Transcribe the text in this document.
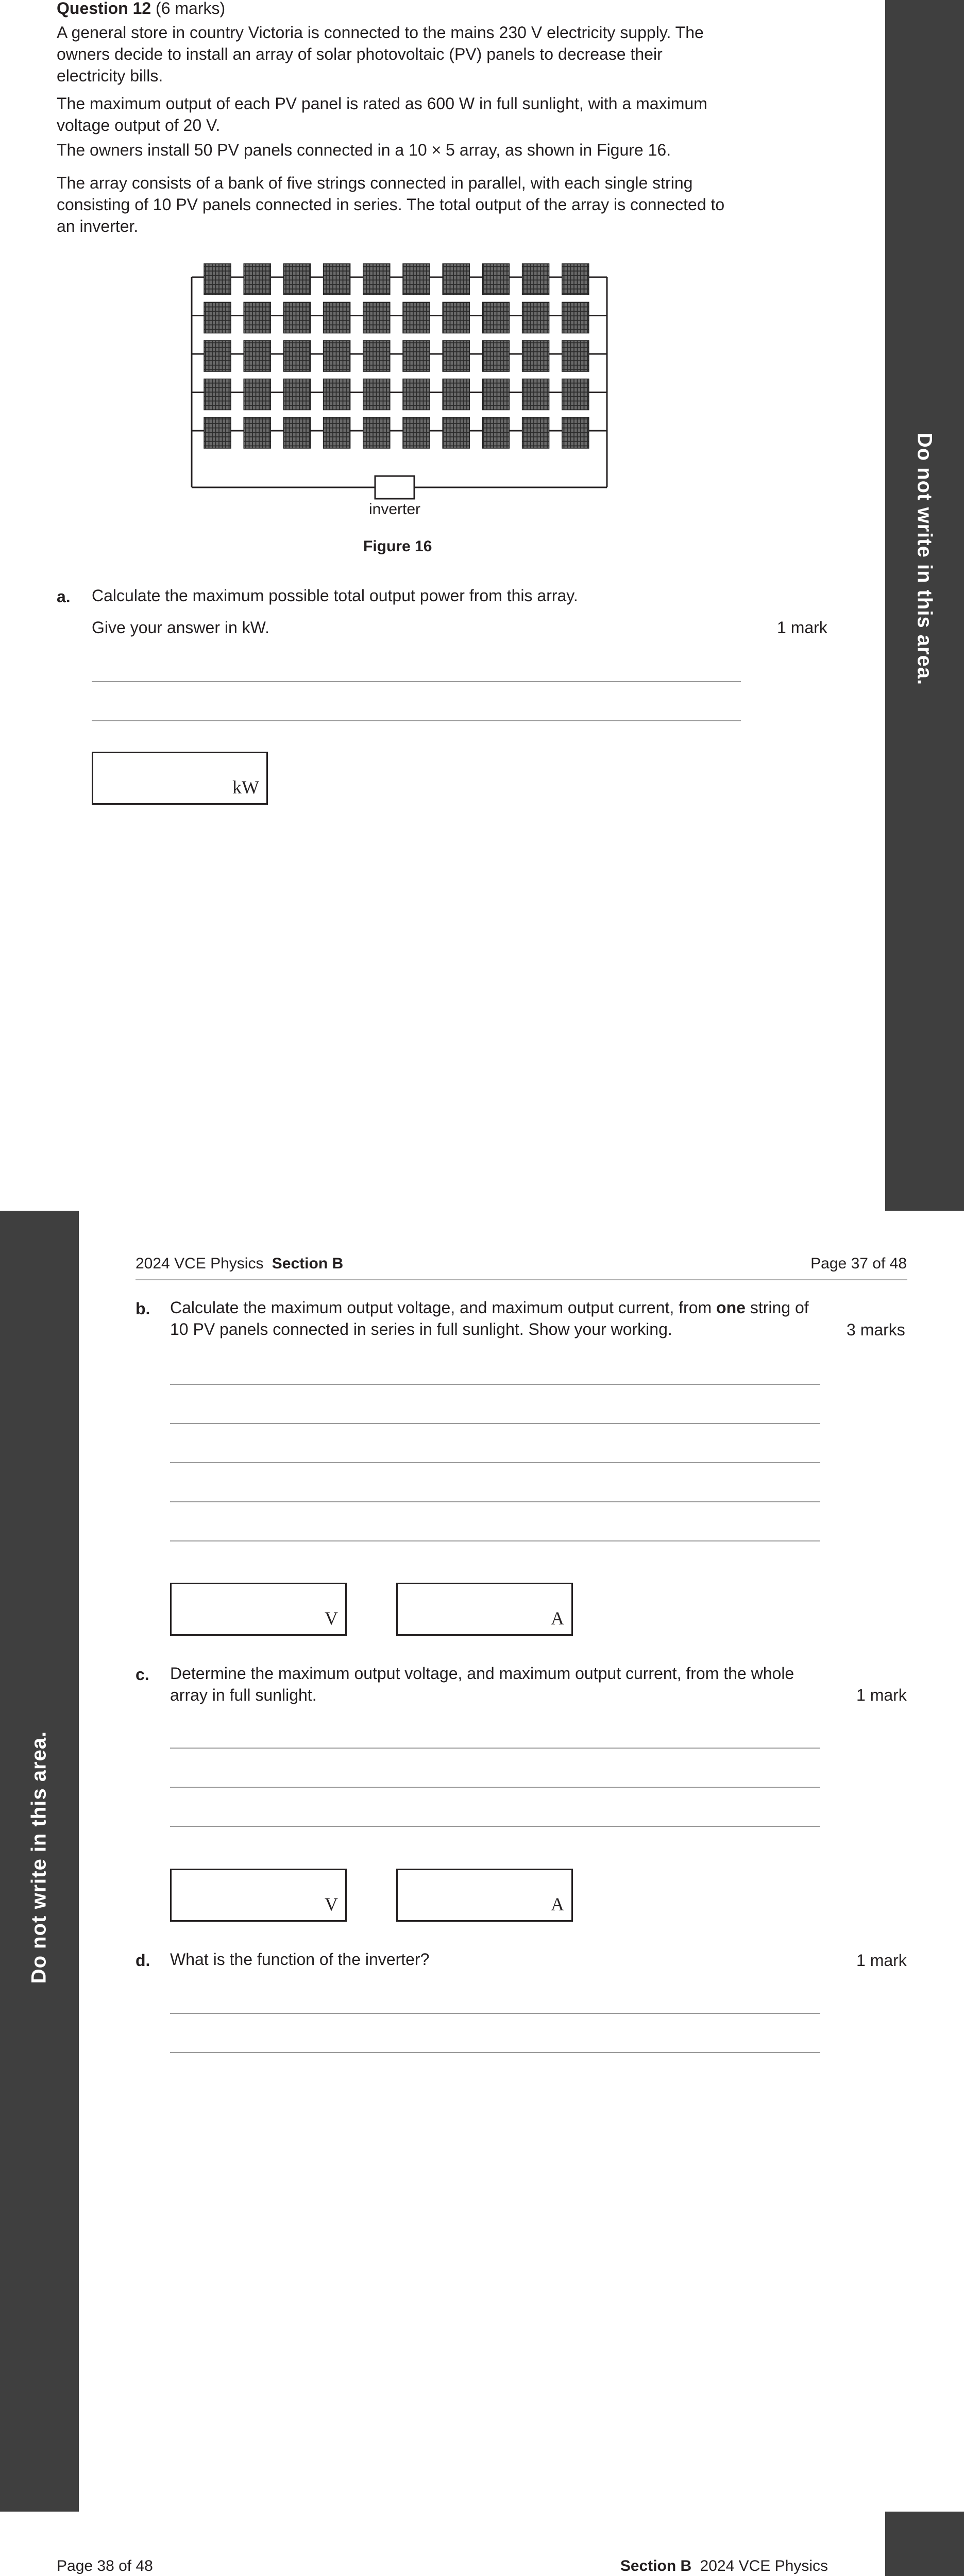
Do not write in this area.
Question 12 (6 marks)
A general store in country Victoria is connected to the mains 230 V electricity supply. The owners decide to install an array of solar photovoltaic (PV) panels to decrease their electricity bills.
The maximum output of each PV panel is rated as 600 W in full sunlight, with a maximum voltage output of 20 V.
The owners install 50 PV panels connected in a 10 × 5 array, as shown in Figure 16.
The array consists of a bank of five strings connected in parallel, with each single string consisting of 10 PV panels connected in series. The total output of the array is connected to an inverter.
inverter
Figure 16
a. Calculate the maximum possible total output power from this array.
Give your answer in kW.	1 mark
kW
Do not write in this area.
2024 VCE Physics Section B	Page 37 of 48
b. Calculate the maximum output voltage, and maximum output current, from one string of 10 PV panels connected in series in full sunlight. Show your working.	3 marks
V	A
c. Determine the maximum output voltage, and maximum output current, from the whole array in full sunlight.	1 mark
V	A
d. What is the function of the inverter?	1 mark
Page 38 of 48	Section B 2024 VCE Physics
